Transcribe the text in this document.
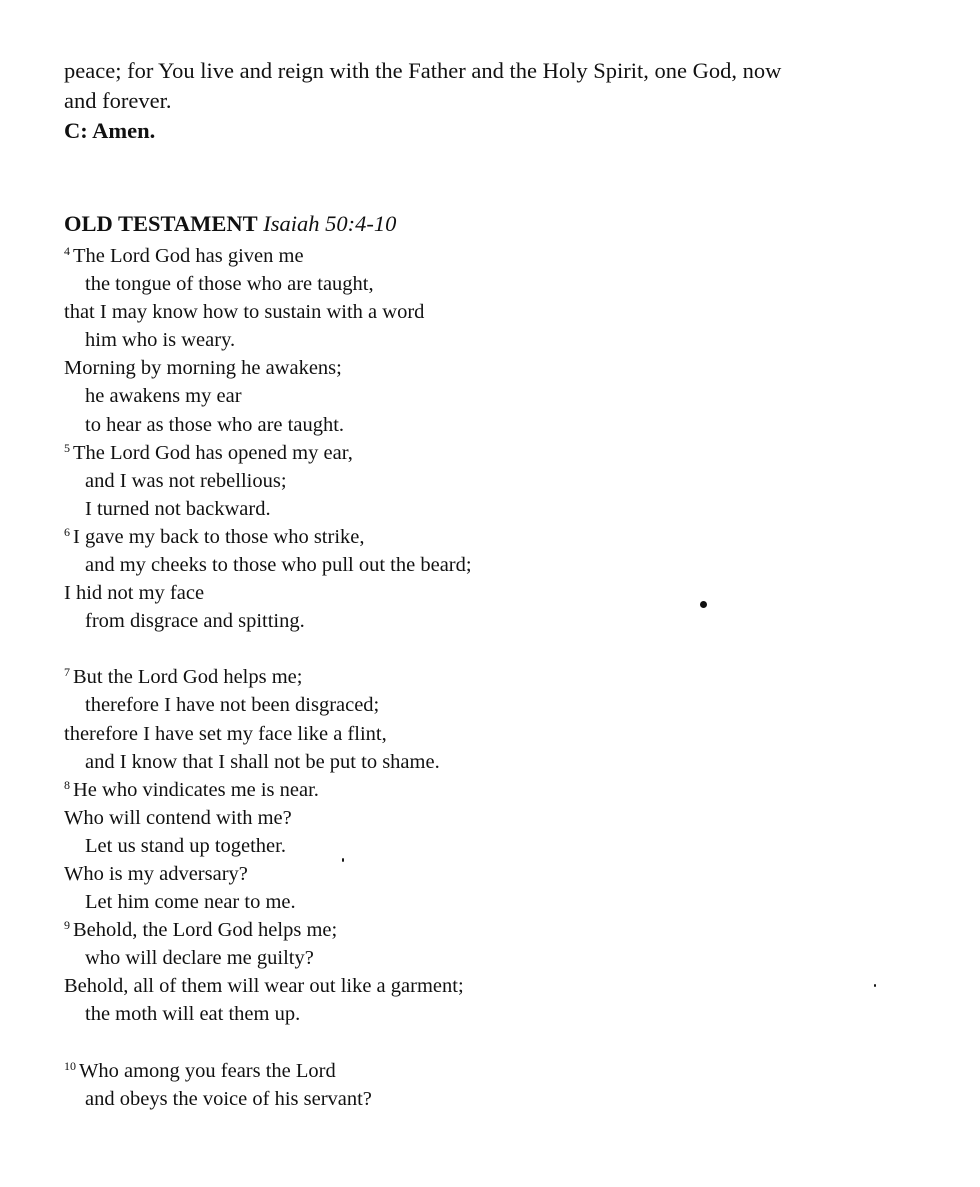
peace; for You live and reign with the Father and the Holy Spirit, one God, now

and forever.

C: Amen.

OLD TESTAMENT Isaiah 50:4-10

$^4$ The Lord God has given me

the tongue of those who are taught,

that I may know how to sustain with a word

him who is weary.

Morning by morning he awakens;

he awakens my ear

to hear as those who are taught.

$^5$ The Lord God has opened my ear,

and I was not rebellious;

I turned not backward.

$^6$ I gave my back to those who strike,

and my cheeks to those who pull out the beard;

I hid not my face

from disgrace and spitting.

$^7$ But the Lord God helps me;

therefore I have not been disgraced;

therefore I have set my face like a flint,

and I know that I shall not be put to shame.

$^8$ He who vindicates me is near.

Who will contend with me?

Let us stand up together.

Who is my adversary?

Let him come near to me.

$^9$ Behold, the Lord God helps me;

who will declare me guilty?

Behold, all of them will wear out like a garment;

the moth will eat them up.

$^{10}$ Who among you fears the Lord

and obeys the voice of his servant?
